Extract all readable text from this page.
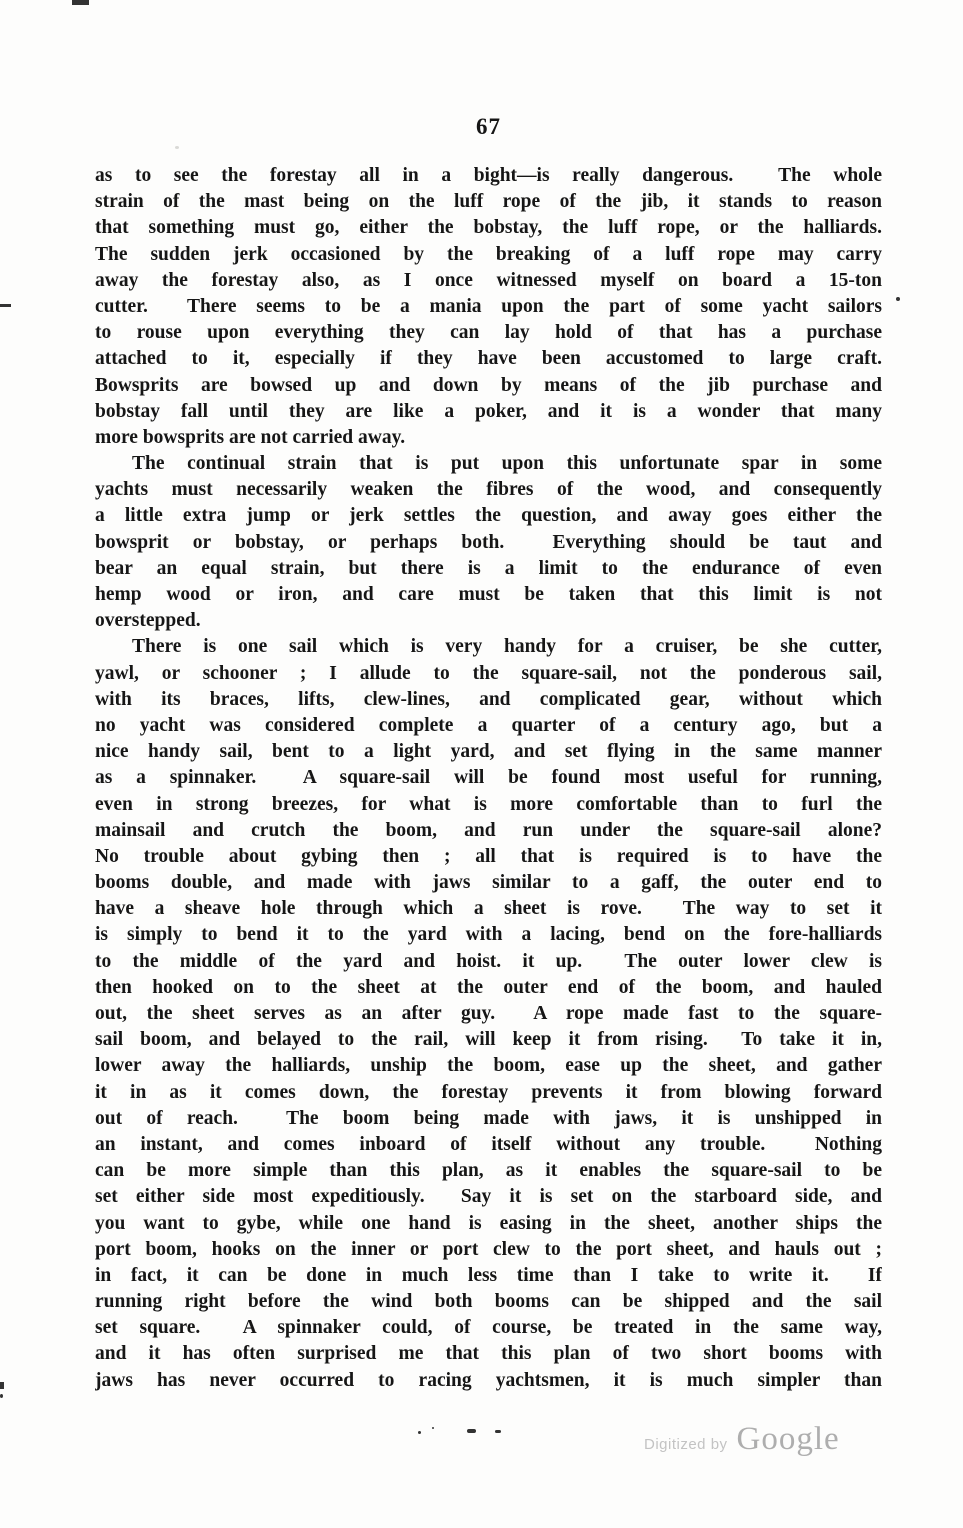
67
as to see the forestay all in a bight—is really dangerous.  The whole
strain of the mast being on the luff rope of the jib, it stands to reason
that something must go, either the bobstay, the luff rope, or the halliards.
The sudden jerk occasioned by the breaking of a luff rope may carry
away the forestay also, as I once witnessed myself on board a 15-ton
cutter.  There seems to be a mania upon the part of some yacht sailors
to rouse upon everything they can lay hold of that has a purchase
attached to it, especially if they have been accustomed to large craft.
Bowsprits are bowsed up and down by means of the jib purchase and
bobstay fall until they are like a poker, and it is a wonder that many
more bowsprits are not carried away.
The continual strain that is put upon this unfortunate spar in some
yachts must necessarily weaken the fibres of the wood, and consequently
a little extra jump or jerk settles the question, and away goes either the
bowsprit or bobstay, or perhaps both.  Everything should be taut and
bear an equal strain, but there is a limit to the endurance of even
hemp wood or iron, and care must be taken that this limit is not
overstepped.
There is one sail which is very handy for a cruiser, be she cutter,
yawl, or schooner ; I allude to the square-sail, not the ponderous sail,
with its braces, lifts, clew-lines, and complicated gear, without which
no yacht was considered complete a quarter of a century ago, but a
nice handy sail, bent to a light yard, and set flying in the same manner
as a spinnaker.  A square-sail will be found most useful for running,
even in strong breezes, for what is more comfortable than to furl the
mainsail and crutch the boom, and run under the square-sail alone?
No trouble about gybing then ; all that is required is to have the
booms double, and made with jaws similar to a gaff, the outer end to
have a sheave hole through which a sheet is rove.  The way to set it
is simply to bend it to the yard with a lacing, bend on the fore-halliards
to the middle of the yard and hoist. it up.  The outer lower clew is
then hooked on to the sheet at the outer end of the boom, and hauled
out, the sheet serves as an after guy.  A rope made fast to the square-
sail boom, and belayed to the rail, will keep it from rising.  To take it in,
lower away the halliards, unship the boom, ease up the sheet, and gather
it in as it comes down, the forestay prevents it from blowing forward
out of reach.  The boom being made with jaws, it is unshipped in
an instant, and comes inboard of itself without any trouble.  Nothing
can be more simple than this plan, as it enables the square-sail to be
set either side most expeditiously.  Say it is set on the starboard side, and
you want to gybe, while one hand is easing in the sheet, another ships the
port boom, hooks on the inner or port clew to the port sheet, and hauls out ;
in fact, it can be done in much less time than I take to write it.  If
running right before the wind both booms can be shipped and the sail
set square.  A spinnaker could, of course, be treated in the same way,
and it has often surprised me that this plan of two short booms with
jaws has never occurred to racing yachtsmen, it is much simpler than
Digitized by Google
